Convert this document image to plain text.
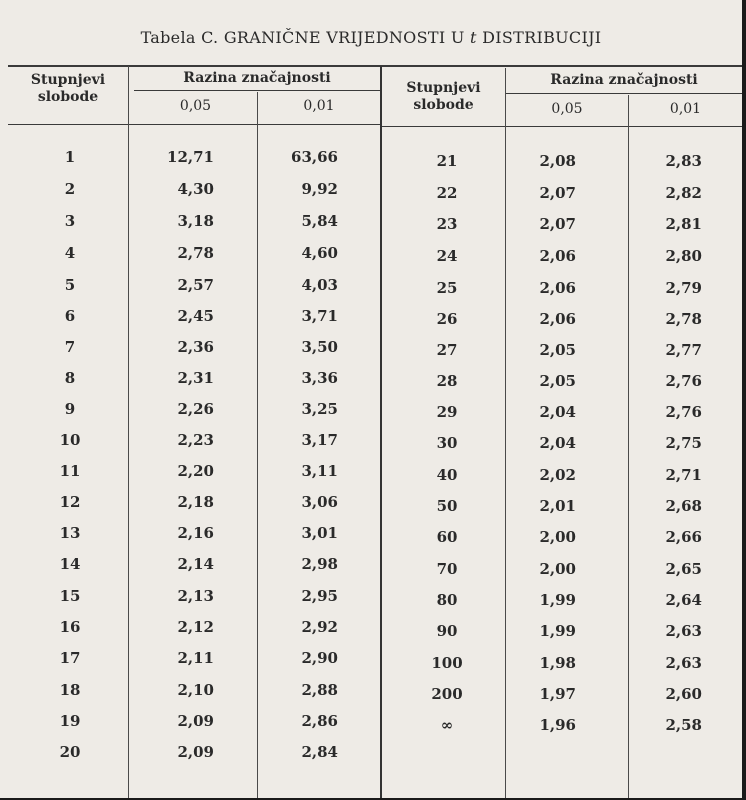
Tabela C. GRANIČNE VRIJEDNOSTI U t DISTRIBUCIJI
Stupnjevi
slobode
Razina značajnosti
0,05	0,01
Stupnjevi
slobode
Razina značajnosti
0,05	0,01
1	12,71	63,66
2	4,30	9,92
3	3,18	5,84
4	2,78	4,60
5	2,57	4,03
6	2,45	3,71
7	2,36	3,50
8	2,31	3,36
9	2,26	3,25
10	2,23	3,17
11	2,20	3,11
12	2,18	3,06
13	2,16	3,01
14	2,14	2,98
15	2,13	2,95
16	2,12	2,92
17	2,11	2,90
18	2,10	2,88
19	2,09	2,86
20	2,09	2,84
21	2,08	2,83
22	2,07	2,82
23	2,07	2,81
24	2,06	2,80
25	2,06	2,79
26	2,06	2,78
27	2,05	2,77
28	2,05	2,76
29	2,04	2,76
30	2,04	2,75
40	2,02	2,71
50	2,01	2,68
60	2,00	2,66
70	2,00	2,65
80	1,99	2,64
90	1,99	2,63
100	1,98	2,63
200	1,97	2,60
∞	1,96	2,58
